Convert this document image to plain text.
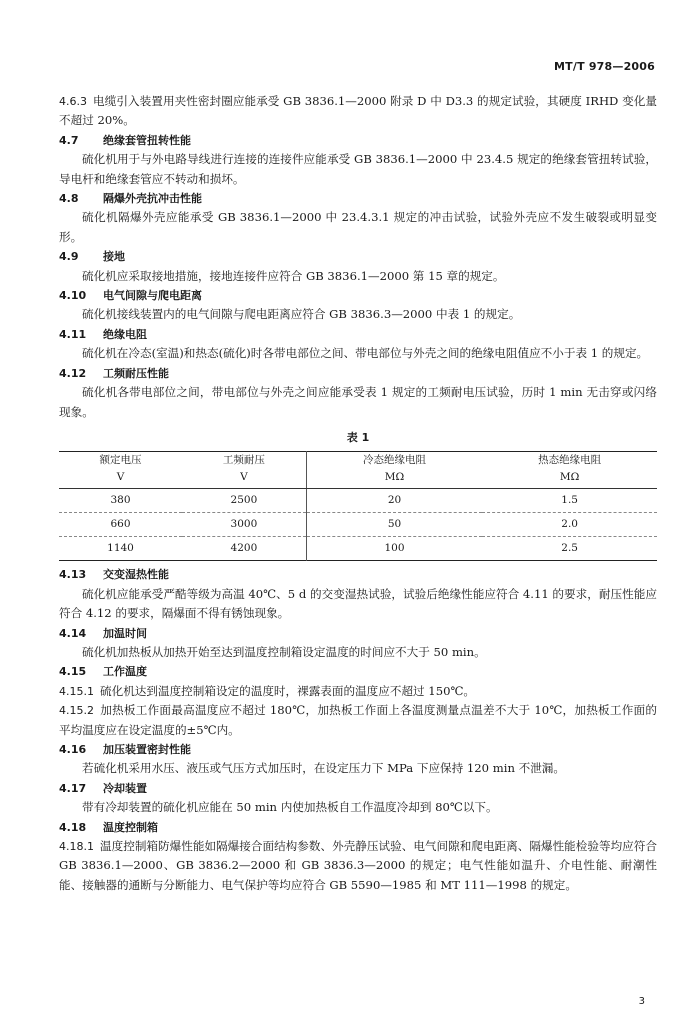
MT/T 978—2006

4.6.3 电缆引入装置用夹性密封圈应能承受 GB 3836.1—2000 附录 D 中 D3.3 的规定试验，其硬度 IRHD 变化量不超过 20%。

4.7 绝缘套管扭转性能

硫化机用于与外电路导线进行连接的连接件应能承受 GB 3836.1—2000 中 23.4.5 规定的绝缘套管扭转试验，导电杆和绝缘套管应不转动和损坏。

4.8 隔爆外壳抗冲击性能

硫化机隔爆外壳应能承受 GB 3836.1—2000 中 23.4.3.1 规定的冲击试验，试验外壳应不发生破裂或明显变形。

4.9 接地

硫化机应采取接地措施，接地连接件应符合 GB 3836.1—2000 第 15 章的规定。

4.10 电气间隙与爬电距离

硫化机接线装置内的电气间隙与爬电距离应符合 GB 3836.3—2000 中表 1 的规定。

4.11 绝缘电阻

硫化机在冷态(室温)和热态(硫化)时各带电部位之间、带电部位与外壳之间的绝缘电阻值应不小于表 1 的规定。

4.12 工频耐压性能

硫化机各带电部位之间，带电部位与外壳之间应能承受表 1 规定的工频耐电压试验，历时 1 min 无击穿或闪络现象。

表 1
额定电压	工频耐压	冷态绝缘电阻	热态绝缘电阻
V	V	MΩ	MΩ
380	2500	20	1.5
660	3000	50	2.0
1140	4200	100	2.5

4.13 交变湿热性能

硫化机应能承受严酷等级为高温 40℃、5 d 的交变湿热试验，试验后绝缘性能应符合 4.11 的要求，耐压性能应符合 4.12 的要求，隔爆面不得有锈蚀现象。

4.14 加温时间

硫化机加热板从加热开始至达到温度控制箱设定温度的时间应不大于 50 min。

4.15 工作温度

4.15.1 硫化机达到温度控制箱设定的温度时，裸露表面的温度应不超过 150℃。

4.15.2 加热板工作面最高温度应不超过 180℃，加热板工作面上各温度测量点温差不大于 10℃，加热板工作面的平均温度应在设定温度的±5℃内。

4.16 加压装置密封性能

若硫化机采用水压、液压或气压方式加压时，在设定压力下 MPa 下应保持 120 min 不泄漏。

4.17 冷却装置

带有冷却装置的硫化机应能在 50 min 内使加热板自工作温度冷却到 80℃以下。

4.18 温度控制箱

4.18.1 温度控制箱防爆性能如隔爆接合面结构参数、外壳静压试验、电气间隙和爬电距离、隔爆性能检验等均应符合 GB 3836.1—2000、GB 3836.2—2000 和 GB 3836.3—2000 的规定；电气性能如温升、介电性能、耐潮性能、接触器的通断与分断能力、电气保护等均应符合 GB 5590—1985 和 MT 111—1998 的规定。

3
